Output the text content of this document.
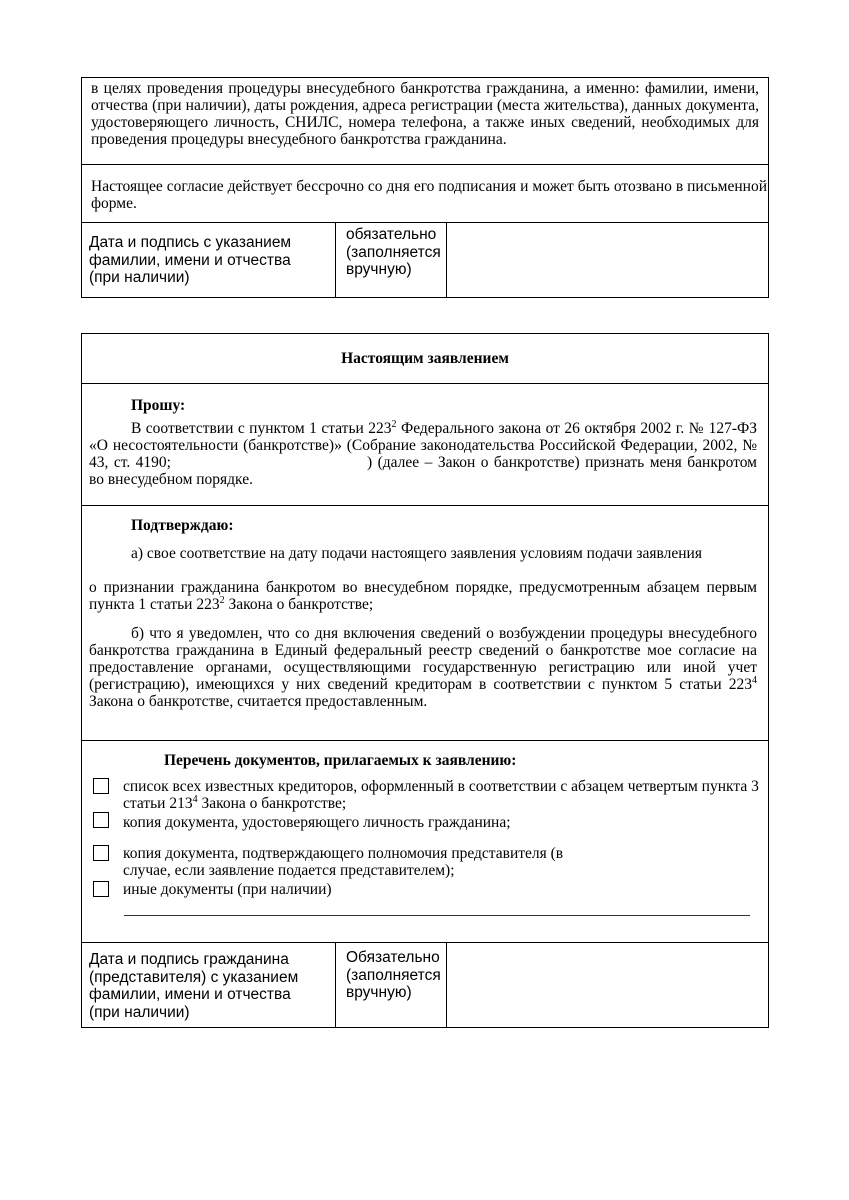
в целях проведения процедуры внесудебного банкротства гражданина, а именно: фамилии, имени, отчества (при наличии), даты рождения, адреса регистрации (места жительства), данных документа, удостоверяющего личность, СНИЛС, номера телефона, а также иных сведений, необходимых для проведения процедуры внесудебного банкротства гражданина.
Настоящее согласие действует бессрочно со дня его подписания и может быть отозвано в письменной форме.
Дата и подпись с указанием фамилии, имени и отчества (при наличии)
обязательно (заполняется вручную)
Настоящим заявлением
Прошу:
В соответствии с пунктом 1 статьи $223^2$ Федерального закона от 26 октября 2002 г. № 127-ФЗ «О несостоятельности (банкротстве)» (Собрание законодательства Российской Федерации, 2002, № 43, ст. 4190;	) (далее – Закон о банкротстве) признать меня банкротом во внесудебном порядке.
Подтверждаю:
а) свое соответствие на дату подачи настоящего заявления условиям подачи заявления
о признании гражданина банкротом во внесудебном порядке, предусмотренным абзацем первым пункта 1 статьи $223^2$ Закона о банкротстве;
б) что я уведомлен, что со дня включения сведений о возбуждении процедуры внесудебного банкротства гражданина в Единый федеральный реестр сведений о банкротстве мое согласие на предоставление органами, осуществляющими государственную регистрацию или иной учет (регистрацию), имеющихся у них сведений кредиторам в соответствии с пунктом 5 статьи $223^4$ Закона о банкротстве, считается предоставленным.
Перечень документов, прилагаемых к заявлению:
список всех известных кредиторов, оформленный в соответствии с абзацем четвертым пункта 3 статьи $213^4$ Закона о банкротстве;
копия документа, удостоверяющего личность гражданина;
копия документа, подтверждающего полномочия представителя (в случае, если заявление подается представителем);
иные документы (при наличии)
Дата и подпись гражданина (представителя) с указанием фамилии, имени и отчества (при наличии)
Обязательно (заполняется вручную)
